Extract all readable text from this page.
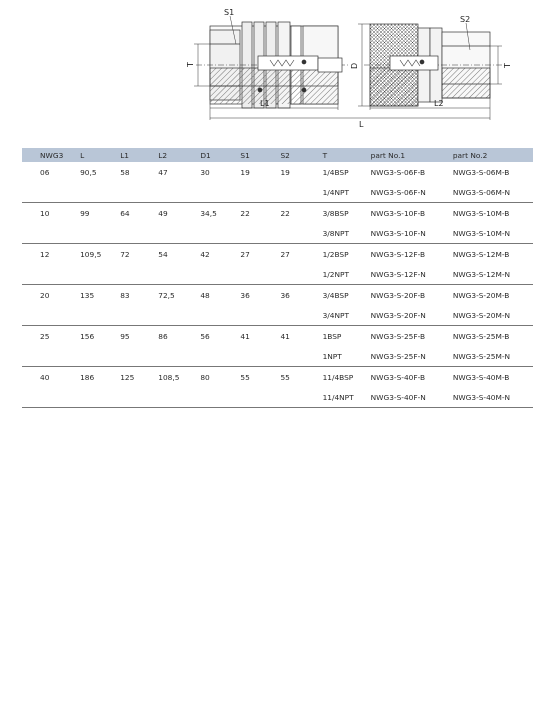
S1
S2
T	D	T
L1	L2
L
NWG3	L	L1	L2	D1	S1	S2	T	part No.1	part No.2
06	90,5	58	47	30	19	19	1/4BSP	NWG3-S-06F-B	NWG3-S-06M-B
							1/4NPT	NWG3-S-06F-N	NWG3-S-06M-N
10	99	64	49	34,5	22	22	3/8BSP	NWG3-S-10F-B	NWG3-S-10M-B
							3/8NPT	NWG3-S-10F-N	NWG3-S-10M-N
12	109,5	72	54	42	27	27	1/2BSP	NWG3-S-12F-B	NWG3-S-12M-B
							1/2NPT	NWG3-S-12F-N	NWG3-S-12M-N
20	135	83	72,5	48	36	36	3/4BSP	NWG3-S-20F-B	NWG3-S-20M-B
							3/4NPT	NWG3-S-20F-N	NWG3-S-20M-N
25	156	95	86	56	41	41	1BSP	NWG3-S-25F-B	NWG3-S-25M-B
							1NPT	NWG3-S-25F-N	NWG3-S-25M-N
40	186	125	108,5	80	55	55	11/4BSP	NWG3-S-40F-B	NWG3-S-40M-B
							11/4NPT	NWG3-S-40F-N	NWG3-S-40M-N
